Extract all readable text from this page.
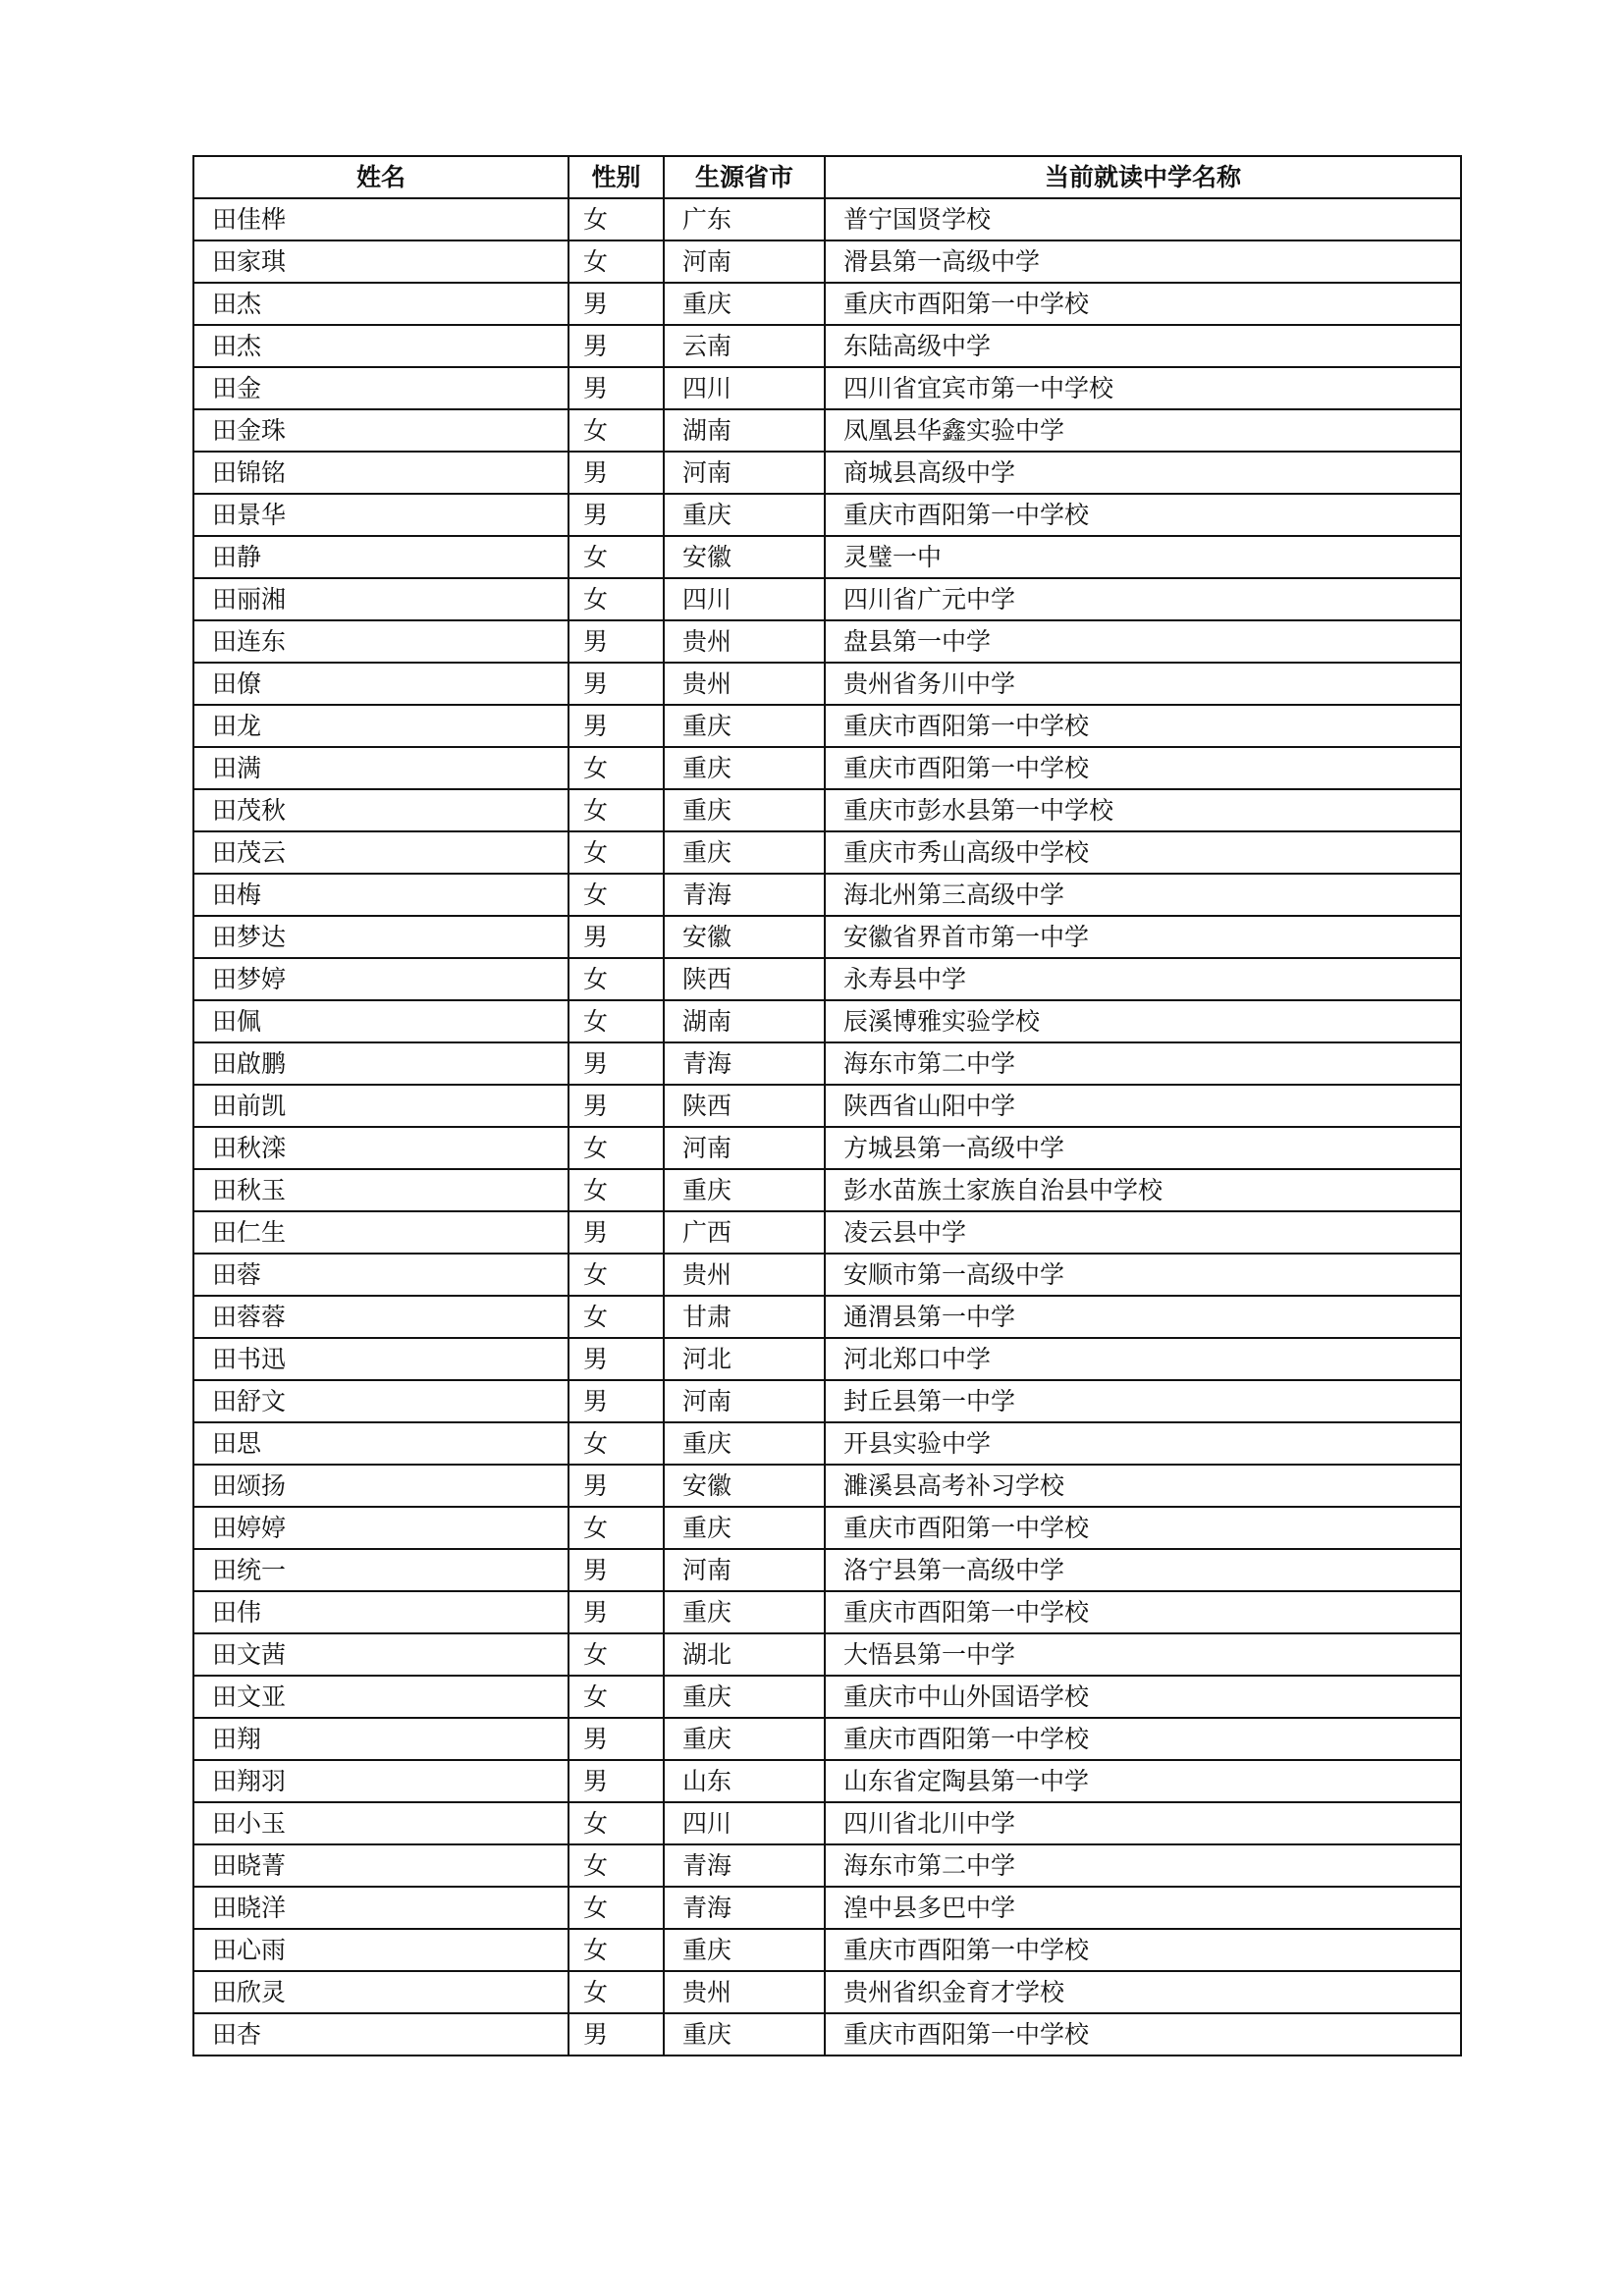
姓名	性别	生源省市	当前就读中学名称
田佳桦	女	广东	普宁国贤学校
田家琪	女	河南	滑县第一高级中学
田杰	男	重庆	重庆市酉阳第一中学校
田杰	男	云南	东陆高级中学
田金	男	四川	四川省宜宾市第一中学校
田金珠	女	湖南	凤凰县华鑫实验中学
田锦铭	男	河南	商城县高级中学
田景华	男	重庆	重庆市酉阳第一中学校
田静	女	安徽	灵璧一中
田丽湘	女	四川	四川省广元中学
田连东	男	贵州	盘县第一中学
田僚	男	贵州	贵州省务川中学
田龙	男	重庆	重庆市酉阳第一中学校
田满	女	重庆	重庆市酉阳第一中学校
田茂秋	女	重庆	重庆市彭水县第一中学校
田茂云	女	重庆	重庆市秀山高级中学校
田梅	女	青海	海北州第三高级中学
田梦达	男	安徽	安徽省界首市第一中学
田梦婷	女	陕西	永寿县中学
田佩	女	湖南	辰溪博雅实验学校
田啟鹏	男	青海	海东市第二中学
田前凯	男	陕西	陕西省山阳中学
田秋滦	女	河南	方城县第一高级中学
田秋玉	女	重庆	彭水苗族土家族自治县中学校
田仁生	男	广西	凌云县中学
田蓉	女	贵州	安顺市第一高级中学
田蓉蓉	女	甘肃	通渭县第一中学
田书迅	男	河北	河北郑口中学
田舒文	男	河南	封丘县第一中学
田思	女	重庆	开县实验中学
田颂扬	男	安徽	濉溪县高考补习学校
田婷婷	女	重庆	重庆市酉阳第一中学校
田统一	男	河南	洛宁县第一高级中学
田伟	男	重庆	重庆市酉阳第一中学校
田文茜	女	湖北	大悟县第一中学
田文亚	女	重庆	重庆市中山外国语学校
田翔	男	重庆	重庆市酉阳第一中学校
田翔羽	男	山东	山东省定陶县第一中学
田小玉	女	四川	四川省北川中学
田晓菁	女	青海	海东市第二中学
田晓洋	女	青海	湟中县多巴中学
田心雨	女	重庆	重庆市酉阳第一中学校
田欣灵	女	贵州	贵州省织金育才学校
田杏	男	重庆	重庆市酉阳第一中学校
